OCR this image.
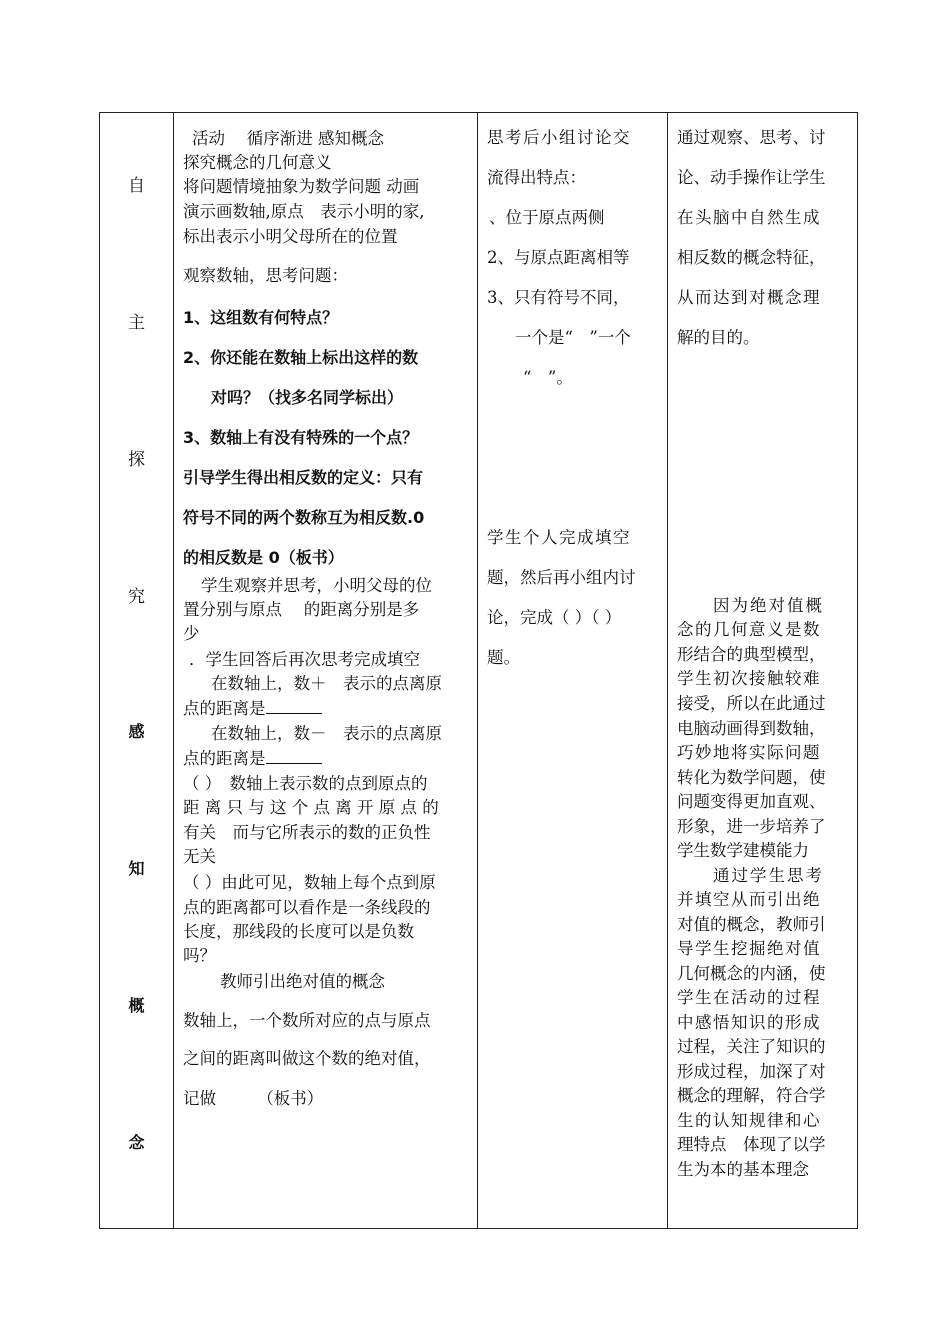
自
主
探
究
感
知
概
念
活动　 循序渐进 感知概念
探究概念的几何意义
将问题情境抽象为数学问题 动画
演示画数轴,原点　表示小明的家,
标出表示小明父母所在的位置
观察数轴，思考问题：
1、这组数有何特点？
2、你还能在数轴上标出这样的数
对吗？（找多名同学标出）
3、数轴上有没有特殊的一个点？
引导学生得出相反数的定义：只有
符号不同的两个数称互为相反数.0
的相反数是 0（板书）
学生观察并思考，小明父母的位
置分别与原点　 的距离分别是多
少
．学生回答后再次思考完成填空
在数轴上，数＋　表示的点离原
点的距离是
在数轴上，数－　表示的点离原
点的距离是
（ ）　数轴上表示数的点到原点的
距 离 只 与 这 个 点 离 开 原 点 的
有关　而与它所表示的数的正负性
无关
（ ）由此可见，数轴上每个点到原
点的距离都可以看作是一条线段的
长度，那线段的长度可以是负数
吗？
教师引出绝对值的概念
数轴上，一个数所对应的点与原点
之间的距离叫做这个数的绝对值，
记做　　　（板书）
思考后小组讨论交
流得出特点：
、位于原点两侧
2、与原点距离相等
3、只有符号不同，
一个是“　”一个
“　”。
学生个人完成填空
题，然后再小组内讨
论，完成（ ）（ ）
题。
通过观察、思考、讨
论、动手操作让学生
在头脑中自然生成
相反数的概念特征，
从而达到对概念理
解的目的。
因为绝对值概
念的几何意义是数
形结合的典型模型，
学生初次接触较难
接受，所以在此通过
电脑动画得到数轴，
巧妙地将实际问题
转化为数学问题，使
问题变得更加直观、
形象，进一步培养了
学生数学建模能力
通过学生思考
并填空从而引出绝
对值的概念，教师引
导学生挖掘绝对值
几何概念的内涵，使
学生在活动的过程
中感悟知识的形成
过程，关注了知识的
形成过程，加深了对
概念的理解，符合学
生的认知规律和心
理特点　体现了以学
生为本的基本理念
